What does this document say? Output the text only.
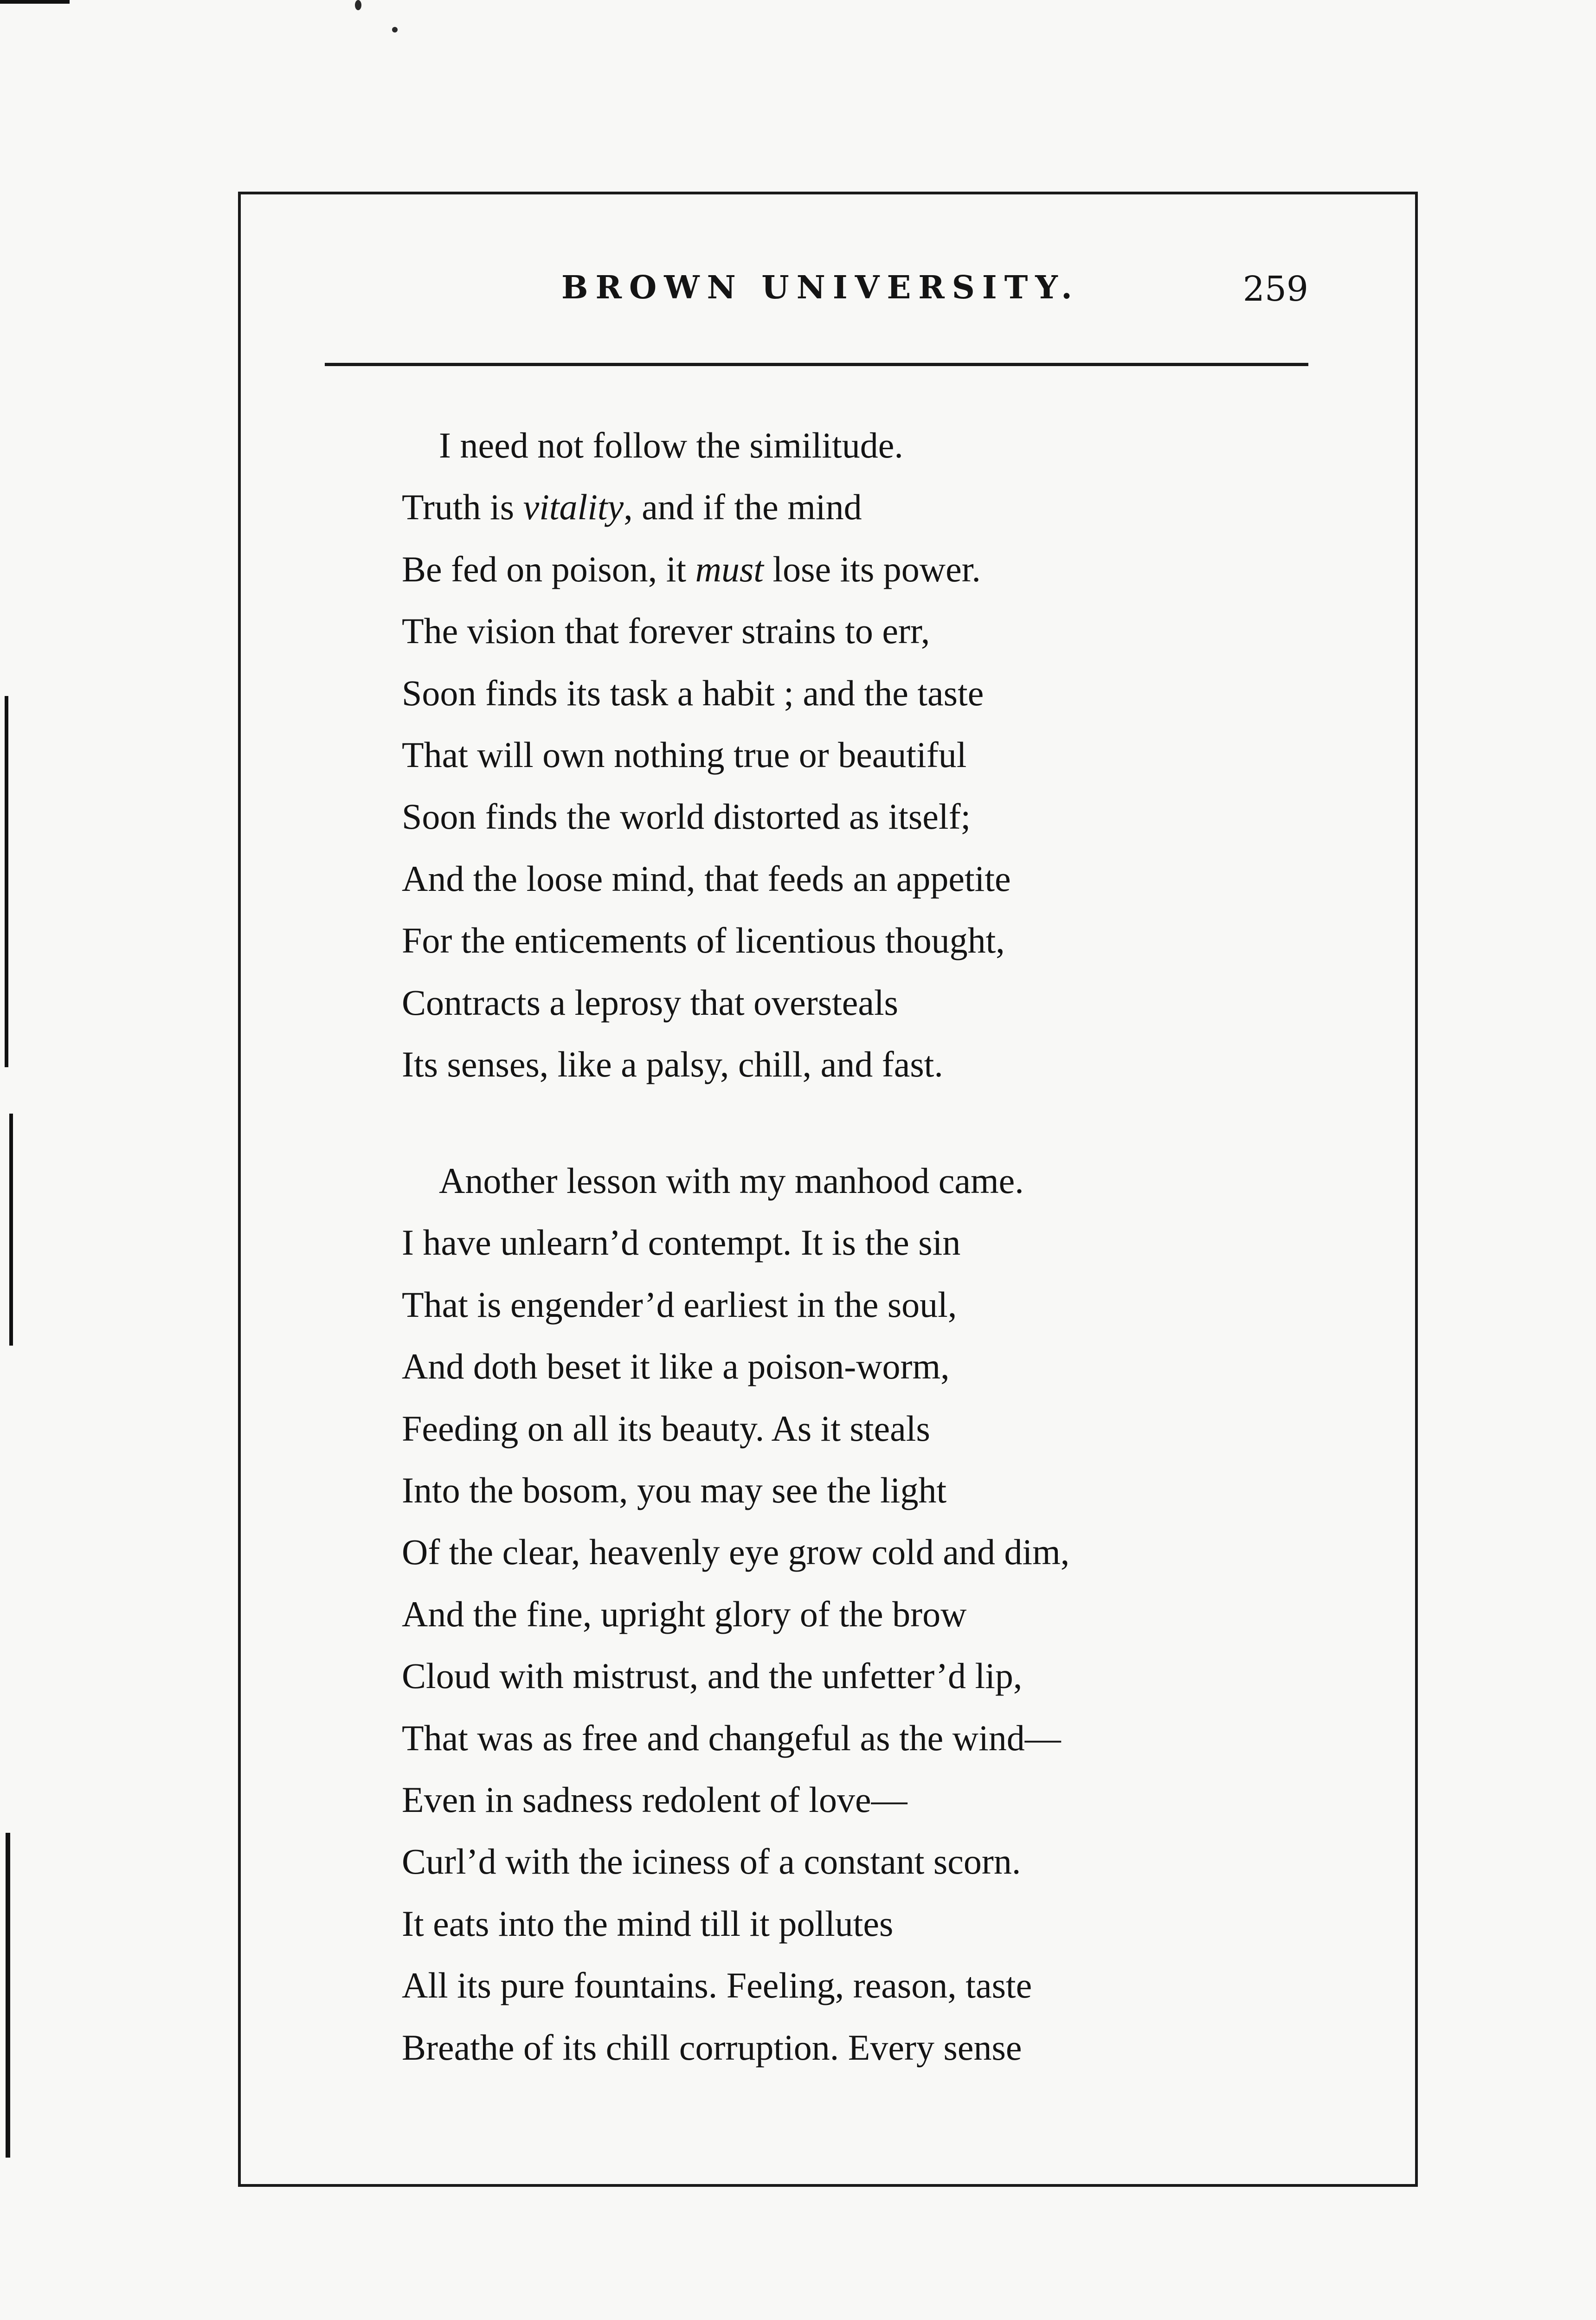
BROWN UNIVERSITY.	259
I need not follow the similitude.
Truth is vitality, and if the mind
Be fed on poison, it must lose its power.
The vision that forever strains to err,
Soon finds its task a habit ; and the taste
That will own nothing true or beautiful
Soon finds the world distorted as itself;
And the loose mind, that feeds an appetite
For the enticements of licentious thought,
Contracts a leprosy that oversteals
Its senses, like a palsy, chill, and fast.
Another lesson with my manhood came.
I have unlearn’d contempt. It is the sin
That is engender’d earliest in the soul,
And doth beset it like a poison-worm,
Feeding on all its beauty. As it steals
Into the bosom, you may see the light
Of the clear, heavenly eye grow cold and dim,
And the fine, upright glory of the brow
Cloud with mistrust, and the unfetter’d lip,
That was as free and changeful as the wind—
Even in sadness redolent of love—
Curl’d with the iciness of a constant scorn.
It eats into the mind till it pollutes
All its pure fountains. Feeling, reason, taste
Breathe of its chill corruption. Every sense
